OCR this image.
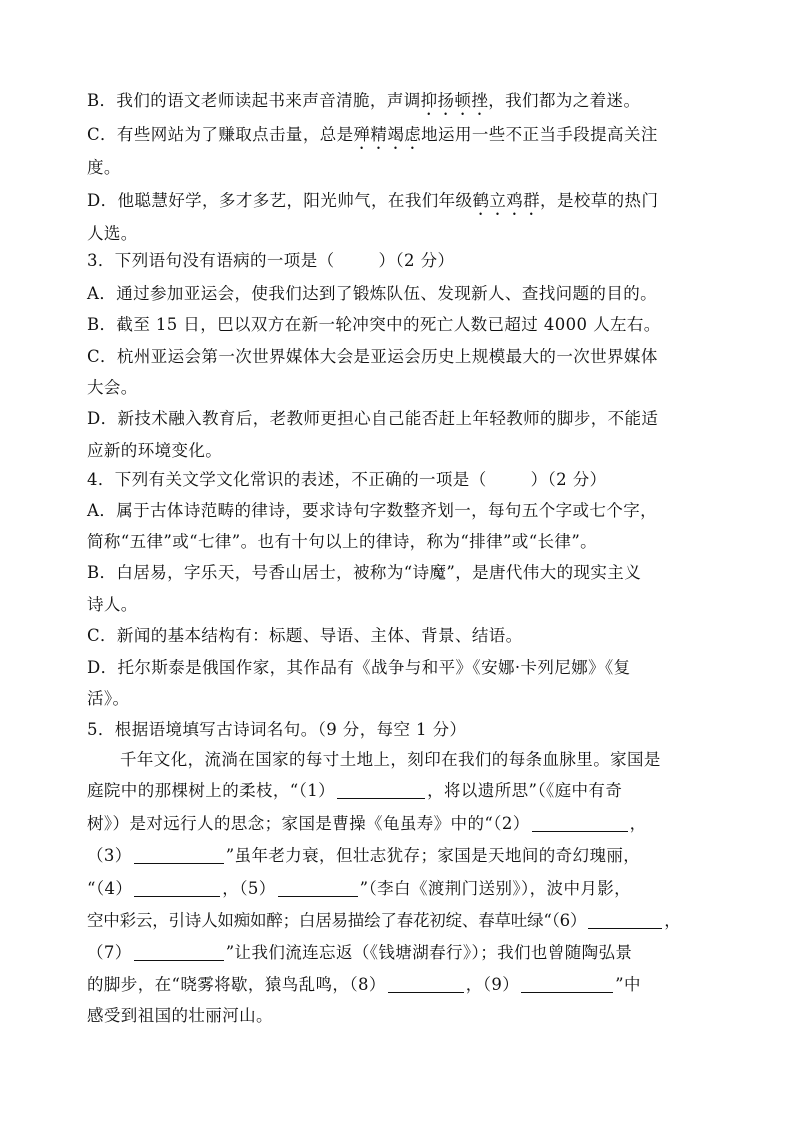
B．我们的语文老师读起书来声音清脆，声调抑扬顿挫，我们都为之着迷。
C．有些网站为了赚取点击量，总是殚精竭虑地运用一些不正当手段提高关注
度。
D．他聪慧好学，多才多艺，阳光帅气，在我们年级鹤立鸡群，是校草的热门
人选。
3．下列语句没有语病的一项是（	）（2 分）
A．通过参加亚运会，使我们达到了锻炼队伍、发现新人、查找问题的目的。
B．截至 15 日，巴以双方在新一轮冲突中的死亡人数已超过 4000 人左右。
C．杭州亚运会第一次世界媒体大会是亚运会历史上规模最大的一次世界媒体
大会。
D．新技术融入教育后，老教师更担心自己能否赶上年轻教师的脚步，不能适
应新的环境变化。
4．下列有关文学文化常识的表述，不正确的一项是（	）（2 分）
A．属于古体诗范畴的律诗，要求诗句字数整齐划一，每句五个字或七个字，
简称“五律”或“七律”。也有十句以上的律诗，称为“排律”或“长律”。
B．白居易，字乐天，号香山居士，被称为“诗魔”，是唐代伟大的现实主义
诗人。
C．新闻的基本结构有：标题、导语、主体、背景、结语。
D．托尔斯泰是俄国作家，其作品有《战争与和平》《安娜·卡列尼娜》《复
活》。
5．根据语境填写古诗词名句。（9 分，每空 1 分）
千年文化，流淌在国家的每寸土地上，刻印在我们的每条血脉里。家国是
庭院中的那棵树上的柔枝，“（1）	，将以遗所思”（《庭中有奇
树》）是对远行人的思念；家国是曹操《龟虽寿》中的“（2）	，
（3）	”虽年老力衰，但壮志犹存；家国是天地间的奇幻瑰丽，
“（4）	，（5）	”（李白《渡荆门送别》），波中月影，
空中彩云，引诗人如痴如醉；白居易描绘了春花初绽、春草吐绿“（6）	，
（7）	”让我们流连忘返（《钱塘湖春行》）；我们也曾随陶弘景
的脚步，在“晓雾将歇，猿鸟乱鸣，（8）	，（9）	”中
感受到祖国的壮丽河山。
